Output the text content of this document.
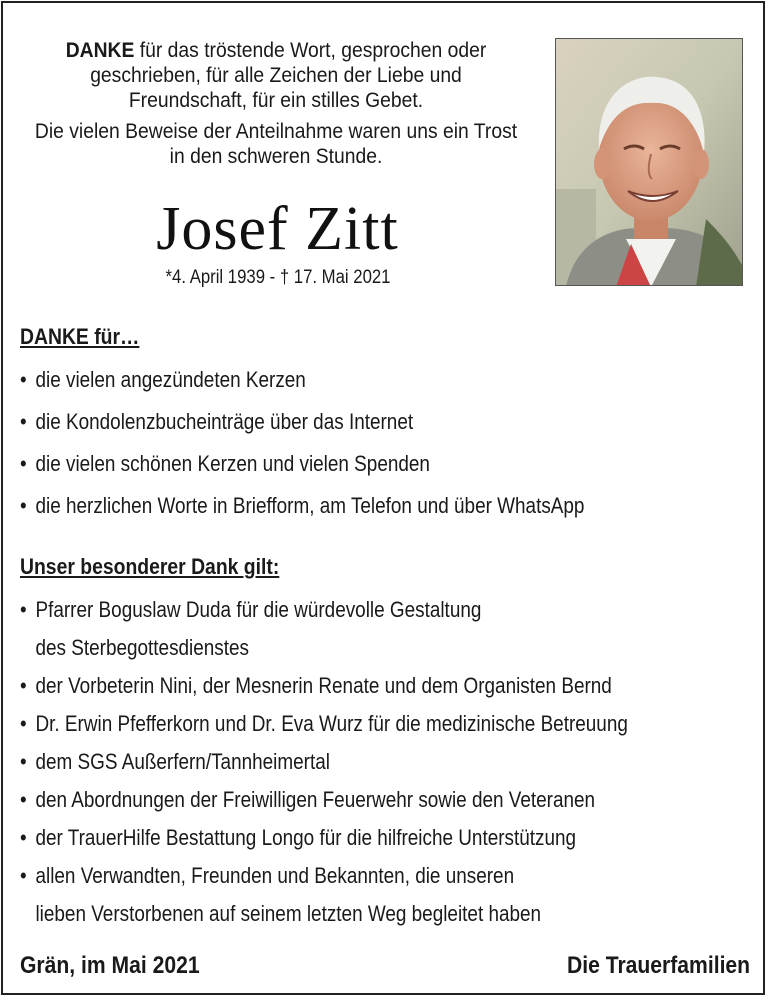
DANKE für das tröstende Wort, gesprochen oder geschrieben, für alle Zeichen der Liebe und Freundschaft, für ein stilles Gebet.

Die vielen Beweise der Anteilnahme waren uns ein Trost in den schweren Stunde.

Josef Zitt
*4. April 1939 - † 17. Mai 2021
DANKE für…
• die vielen angezündeten Kerzen
• die Kondolenzbucheinträge über das Internet
• die vielen schönen Kerzen und vielen Spenden
• die herzlichen Worte in Briefform, am Telefon und über WhatsApp
Unser besonderer Dank gilt:
• Pfarrer Boguslaw Duda für die würdevolle Gestaltung
des Sterbegottesdienstes
• der Vorbeterin Nini, der Mesnerin Renate und dem Organisten Bernd
• Dr. Erwin Pfefferkorn und Dr. Eva Wurz für die medizinische Betreuung
• dem SGS Außerfern/Tannheimertal
• den Abordnungen der Freiwilligen Feuerwehr sowie den Veteranen
• der TrauerHilfe Bestattung Longo für die hilfreiche Unterstützung
• allen Verwandten, Freunden und Bekannten, die unseren
lieben Verstorbenen auf seinem letzten Weg begleitet haben
Grän, im Mai 2021	Die Trauerfamilien
